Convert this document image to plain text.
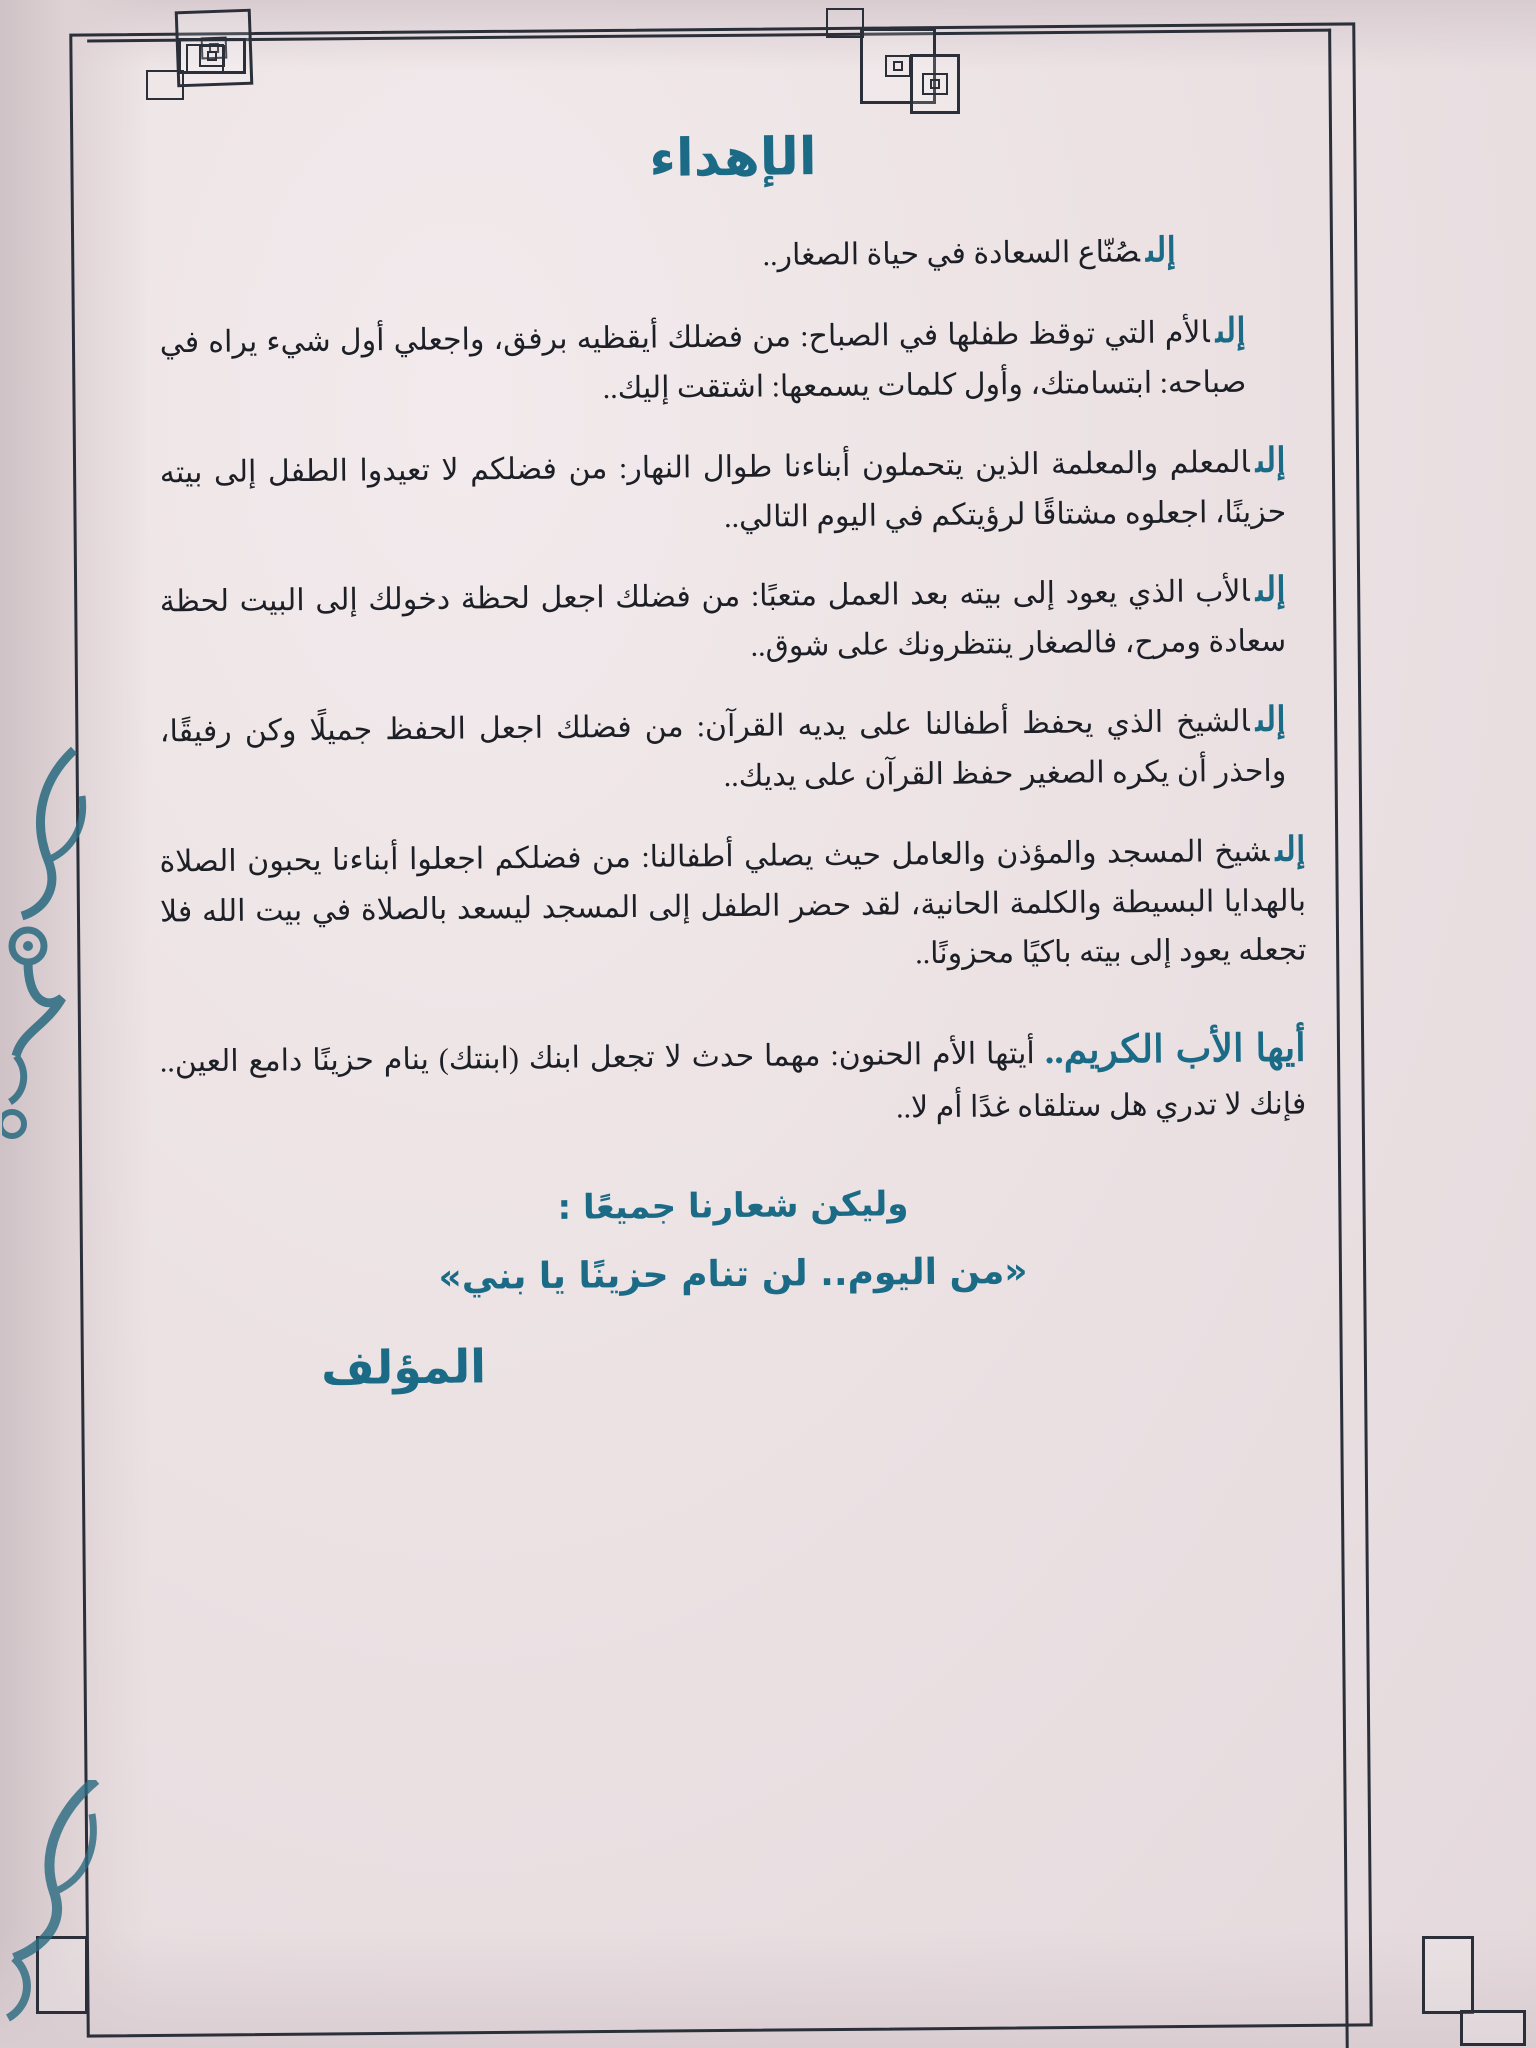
الإهداء

إلىصُنّاع السعادة في حياة الصغار..

إلىالأم التي توقظ طفلها في الصباح: من فضلك أيقظيه برفق، واجعلي أول شيء يراه في صباحه: ابتسامتك، وأول كلمات يسمعها: اشتقت إليك..

إلىالمعلم والمعلمة الذين يتحملون أبناءنا طوال النهار: من فضلكم لا تعيدوا الطفل إلى بيته حزينًا، اجعلوه مشتاقًا لرؤيتكم في اليوم التالي..

إلىالأب الذي يعود إلى بيته بعد العمل متعبًا: من فضلك اجعل لحظة دخولك إلى البيت لحظة سعادة ومرح، فالصغار ينتظرونك على شوق..

إلىالشيخ الذي يحفظ أطفالنا على يديه القرآن: من فضلك اجعل الحفظ جميلًا وكن رفيقًا، واحذر أن يكره الصغير حفظ القرآن على يديك..

إلىشيخ المسجد والمؤذن والعامل حيث يصلي أطفالنا: من فضلكم اجعلوا أبناءنا يحبون الصلاة بالهدايا البسيطة والكلمة الحانية، لقد حضر الطفل إلى المسجد ليسعد بالصلاة في بيت الله فلا تجعله يعود إلى بيته باكيًا محزونًا..

أيها الأب الكريم..أيتها الأم الحنون: مهما حدث لا تجعل ابنك (ابنتك) ينام حزينًا دامع العين.. فإنك لا تدري هل ستلقاه غدًا أم لا..

وليكن شعارنا جميعًا :

«من اليوم.. لن تنام حزينًا يا بني»

المؤلف
